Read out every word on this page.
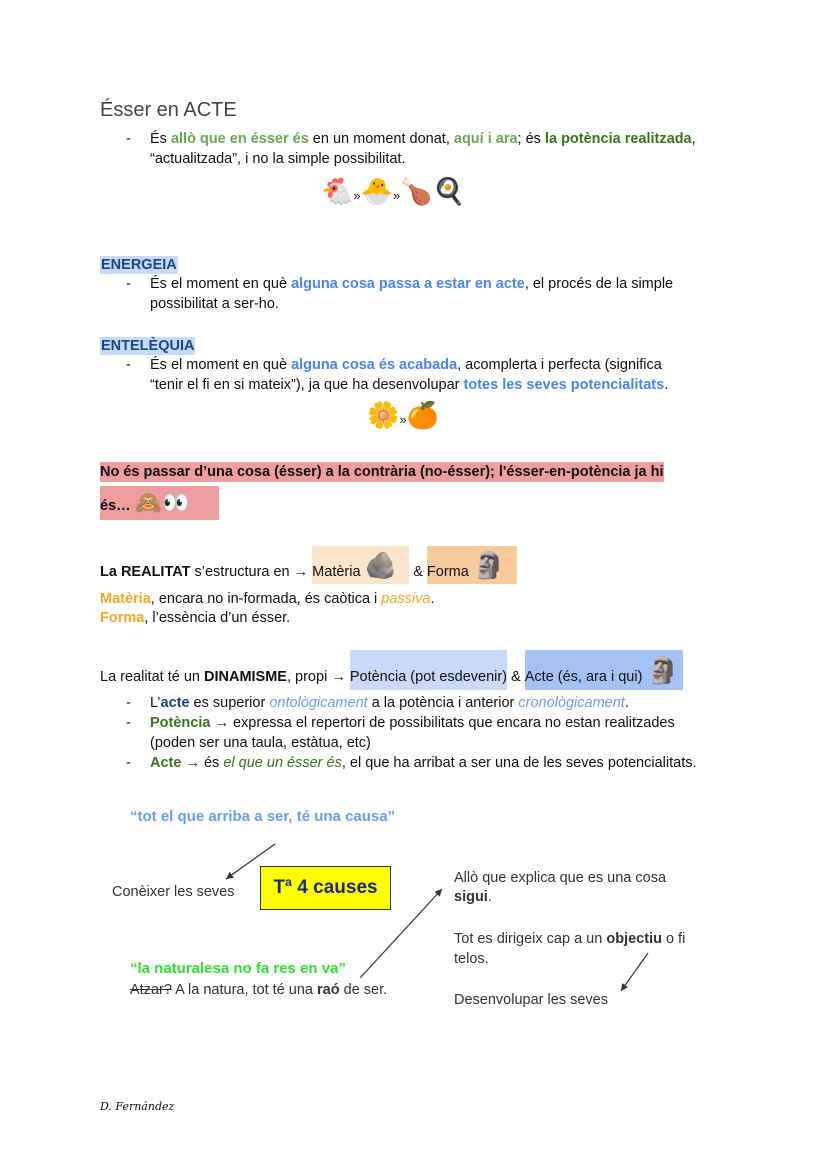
Ésser en ACTE
- És allò que en ésser és en un moment donat, aquí i ara; és la potència realitzada,
“actualitzada”, i no la simple possibilitat.
🐔»🐣»🍗🍳
ENERGEIA
- És el moment en què alguna cosa passa a estar en acte, el procés de la simple
possibilitat a ser-ho.
ENTELÈQUIA
- És el moment en què alguna cosa és acabada, acomplerta i perfecta (significa
“tenir el fi en si mateix”), ja que ha desenvolupar totes les seves potencialitats.
🌼»🍊
No és passar d’una cosa (ésser) a la contrària (no-ésser); l'ésser-en-potència ja hi
és… 🙈👀
La REALITAT s’estructura en → Matèria 🪨 & Forma 🗿
Matèria, encara no in-formada, és caòtica i passiva.
Forma, l’essència d’un ésser.
La realitat té un DINAMISME, propi → Potència (pot esdevenir) & Acte (és, ara i qui) 🗿
- L’acte es superior ontològicament a la potència i anterior cronològicament.
- Potència → expressa el repertori de possibilitats que encara no estan realitzades
(poden ser una taula, estàtua, etc)
- Acte → és el que un ésser és, el que ha arribat a ser una de les seves potencialitats.
“tot el que arriba a ser, té una causa”
Conèixer les seves	Tª 4 causes	Allò que explica que es una cosa
sigui.
Tot es dirigeix cap a un objectiu o fi
telos.
Desenvolupar les seves
“la naturalesa no fa res en va”
Atzar? A la natura, tot té una raó de ser.
D. Fernández
